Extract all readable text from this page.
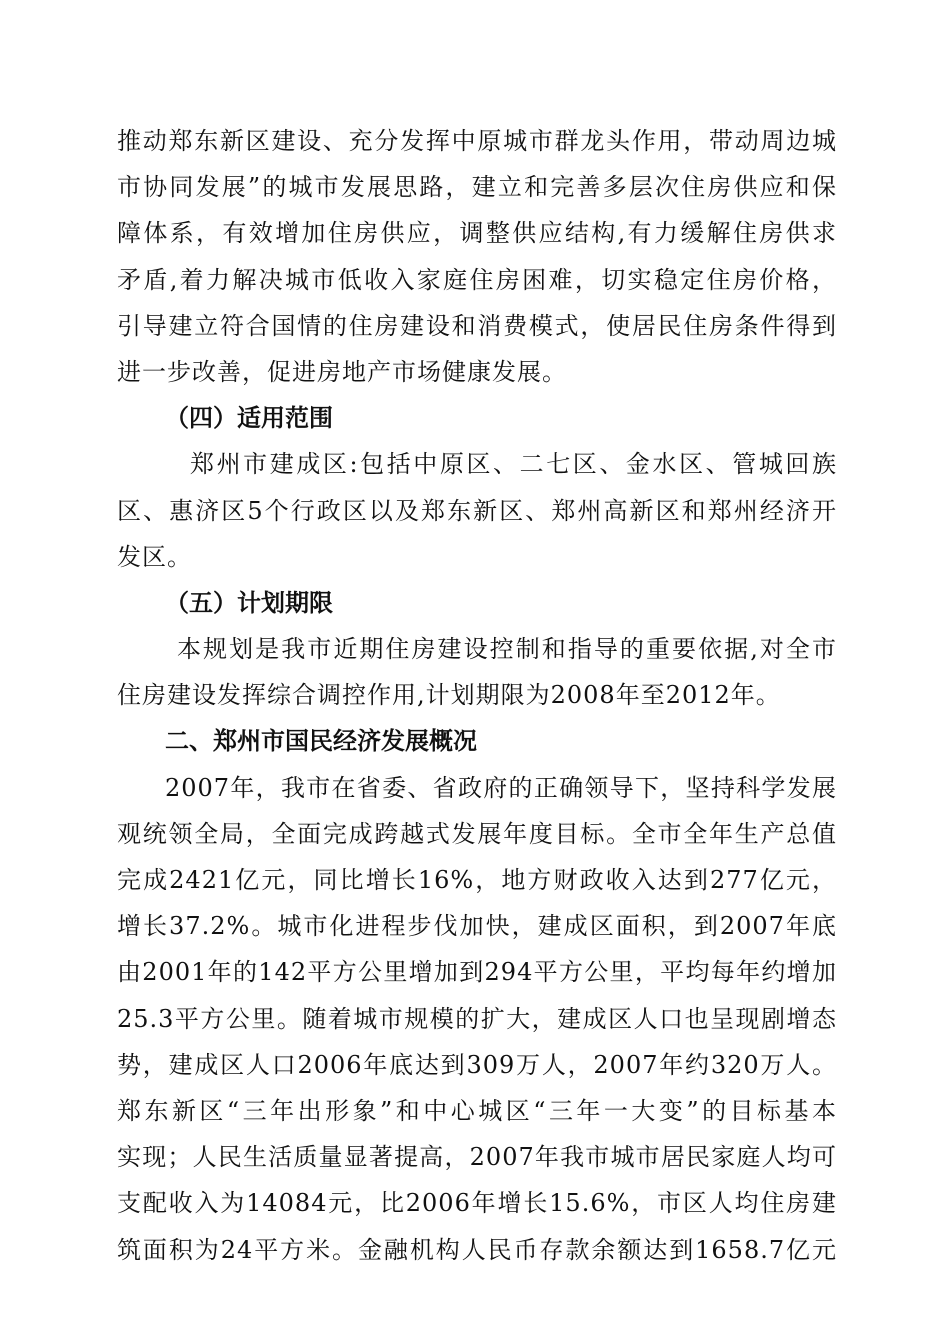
推动郑东新区建设、充分发挥中原城市群龙头作用，带动周边城
市协同发展”的城市发展思路，建立和完善多层次住房供应和保
障体系，有效增加住房供应，调整供应结构,有力缓解住房供求
矛盾,着力解决城市低收入家庭住房困难，切实稳定住房价格，
引导建立符合国情的住房建设和消费模式，使居民住房条件得到
进一步改善，促进房地产市场健康发展。
（四）适用范围
郑州市建成区:包括中原区、二七区、金水区、管城回族
区、惠济区5个行政区以及郑东新区、郑州高新区和郑州经济开
发区。
（五）计划期限
本规划是我市近期住房建设控制和指导的重要依据,对全市
住房建设发挥综合调控作用,计划期限为2008年至2012年。
二、郑州市国民经济发展概况
2007年，我市在省委、省政府的正确领导下，坚持科学发展
观统领全局，全面完成跨越式发展年度目标。全市全年生产总值
完成2421亿元，同比增长16%，地方财政收入达到277亿元，
增长37.2%。城市化进程步伐加快，建成区面积，到2007年底
由2001年的142平方公里增加到294平方公里，平均每年约增加
25.3平方公里。随着城市规模的扩大，建成区人口也呈现剧增态
势，建成区人口2006年底达到309万人，2007年约320万人。
郑东新区“三年出形象”和中心城区“三年一大变”的目标基本
实现；人民生活质量显著提高，2007年我市城市居民家庭人均可
支配收入为14084元，比2006年增长15.6%，市区人均住房建
筑面积为24平方米。金融机构人民币存款余额达到1658.7亿元
